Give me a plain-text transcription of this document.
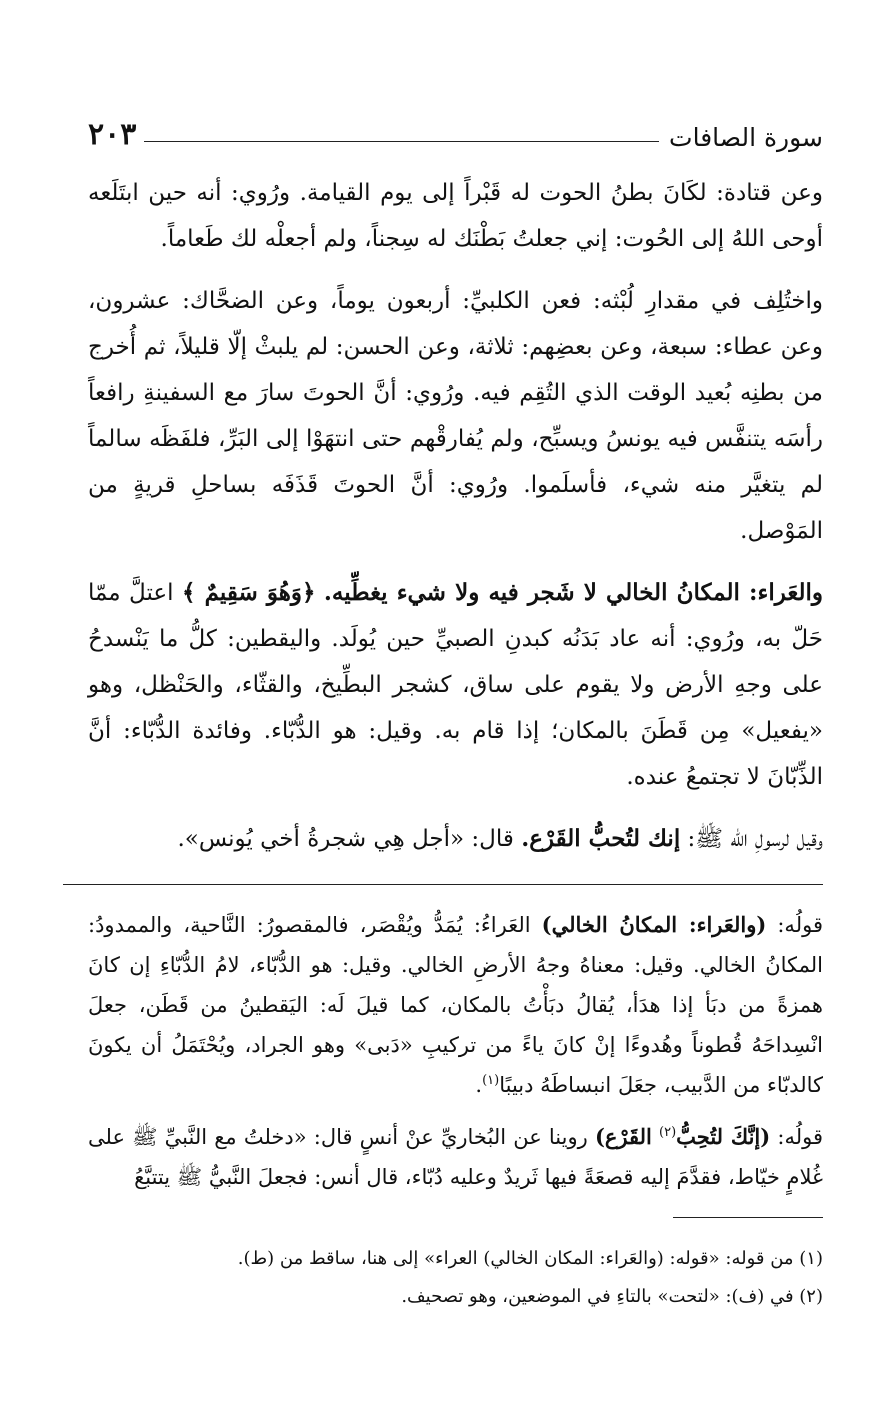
سورة الصافات
٢٠٣

وعن قتادة: لكَانَ بطنُ الحوت له قَبْراً إلى يوم القيامة. ورُوي: أنه حين ابتَلَعه أوحى اللهُ إلى الحُوت: إني جعلتُ بَطْنَك له سِجناً، ولم أجعلْه لك طَعاماً.

واختُلِف في مقدارِ لُبْثه: فعن الكلبيِّ: أربعون يوماً، وعن الضحَّاك: عشرون، وعن عطاء: سبعة، وعن بعضِهم: ثلاثة، وعن الحسن: لم يلبثْ إلّا قليلاً، ثم أُخرج من بطنِه بُعيد الوقت الذي التُقِم فيه. ورُوي: أنَّ الحوتَ سارَ مع السفينةِ رافعاً رأسَه يتنفَّس فيه يونسُ ويسبِّح، ولم يُفارقْهم حتى انتهَوْا إلى البَرِّ، فلفَظَه سالماً لم يتغيَّر منه شيء، فأسلَموا. ورُوي: أنَّ الحوتَ قَذَفَه بساحلِ قريةٍ من المَوْصل.

والعَراء: المكانُ الخالي لا شَجر فيه ولا شيء يغطِّيه. ﴿وَهُوَ سَقِيمٌ ﴾ اعتلَّ ممّا حَلّ به، ورُوي: أنه عاد بَدَنُه كبدنِ الصبيِّ حين يُولَد. واليقطين: كلُّ ما يَنْسدحُ على وجهِ الأرض ولا يقوم على ساق، كشجر البطِّيخ، والقثّاء، والحَنْظل، وهو «يفعيل» مِن قَطَنَ بالمكان؛ إذا قام به. وقيل: هو الدُّبّاء. وفائدة الدُّبّاء: أنَّ الذِّبّانَ لا تجتمعُ عنده.

وقيل لرسولِ الله ﷺ: إنك لتُحبُّ القَرْع. قال: «أجل هِي شجرةُ أخي يُونس».

قولُه: (والعَراء: المكانُ الخالي) العَراءُ: يُمَدُّ ويُقْصَر، فالمقصورُ: النَّاحية، والممدودُ: المكانُ الخالي. وقيل: معناهُ وجهُ الأرضِ الخالي. وقيل: هو الدُّبّاء، لامُ الدُّبّاءِ إن كانَ همزةً من دبَأ إذا هدَأ، يُقالُ دبَأْتُ بالمكان، كما قيلَ لَه: اليَقطينُ من قَطَن، جعلَ انْسِداحَهُ قُطوناً وهُدوءًا إنْ كانَ ياءً من تركيبِ «دَبى» وهو الجراد، ويُحْتَمَلُ أن يكونَ كالدبّاء من الدَّبيب، جعَلَ انبساطَهُ دبيبًا$^{(١)}$.

قولُه: (إنَّكَ لتُحِبُّ$^{(٢)}$ القَرْع) روينا عن البُخاريِّ عنْ أنسٍ قال: «دخلتُ مع النَّبيِّ ﷺ على غُلامٍ خيّاط، فقدَّمَ إليه قصعَةً فيها ثَريدٌ وعليه دُبّاء، قال أنس: فجعلَ النَّبيُّ ﷺ يتتبَّعُ

(١) من قوله: «قوله: (والعَراء: المكان الخالي) العراء» إلى هنا، ساقط من (ط).

(٢) في (ف): «لتحت» بالتاءِ في الموضعين، وهو تصحيف.
